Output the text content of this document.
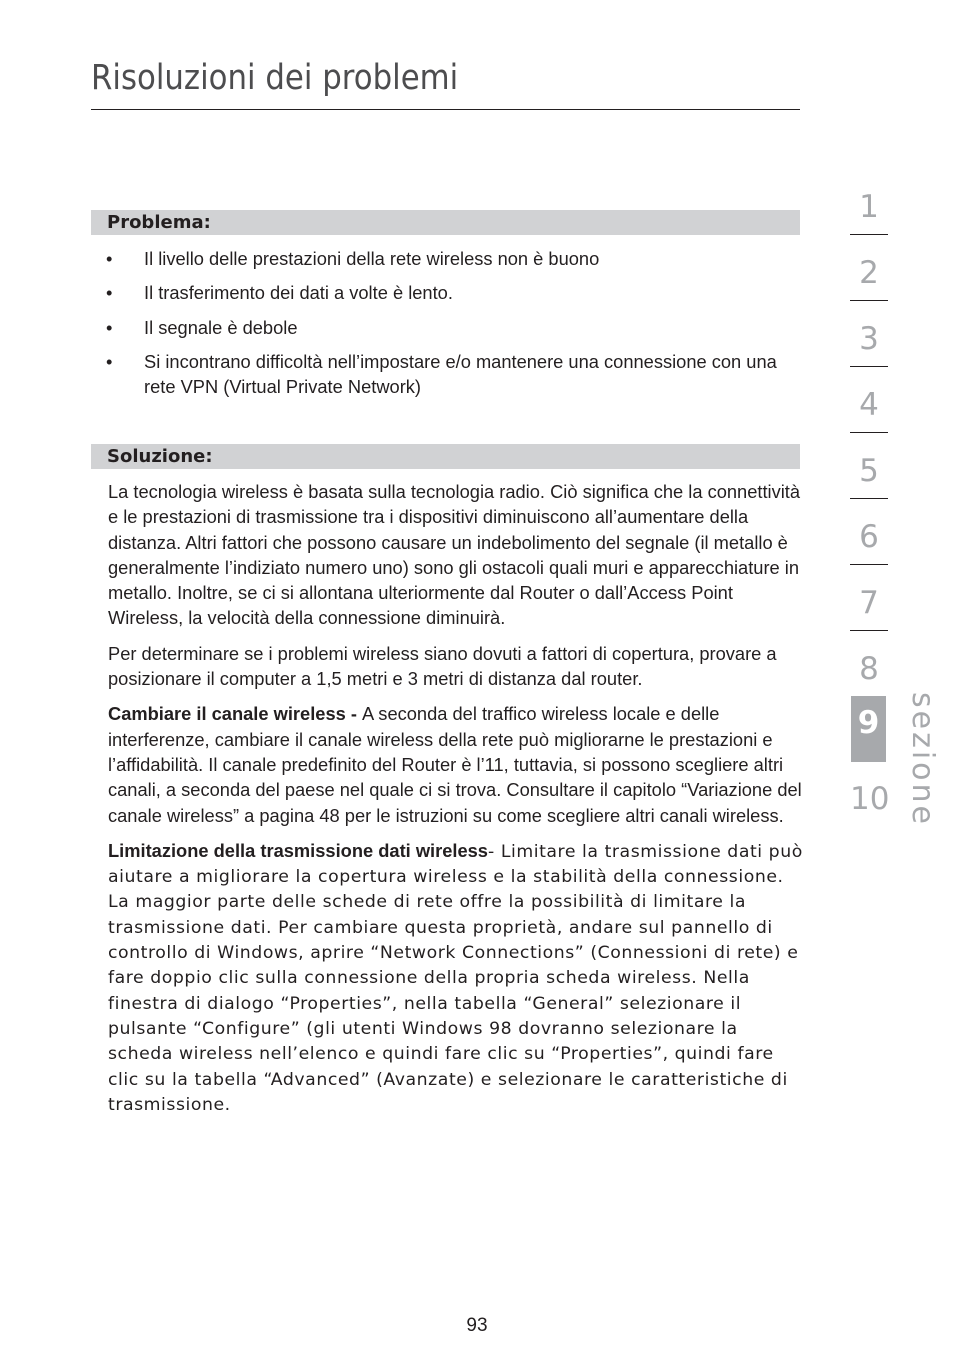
Risoluzioni dei problemi
Problema:
• Il livello delle prestazioni della rete wireless non è buono
• Il trasferimento dei dati a volte è lento.
• Il segnale è debole
• Si incontrano difficoltà nell’impostare e/o mantenere una connessione con una rete VPN (Virtual Private Network)
Soluzione:

La tecnologia wireless è basata sulla tecnologia radio. Ciò significa che la connettività e le prestazioni di trasmissione tra i dispositivi diminuiscono all’aumentare della distanza. Altri fattori che possono causare un indebolimento del segnale (il metallo è generalmente l’indiziato numero uno) sono gli ostacoli quali muri e apparecchiature in metallo. Inoltre, se ci si allontana ulteriormente dal Router o dall’Access Point Wireless, la velocità della connessione diminuirà.

Per determinare se i problemi wireless siano dovuti a fattori di copertura, provare a posizionare il computer a 1,5 metri e 3 metri di distanza dal router.

Cambiare il canale wireless - A seconda del traffico wireless locale e delle interferenze, cambiare il canale wireless della rete può migliorarne le prestazioni e l’affidabilità. Il canale predefinito del Router è l’11, tuttavia, si possono scegliere altri canali, a seconda del paese nel quale ci si trova. Consultare il capitolo “Variazione del canale wireless” a pagina 48 per le istruzioni su come scegliere altri canali wireless.

Limitazione della trasmissione dati wireless- Limitare la trasmissione dati può aiutare a migliorare la copertura wireless e la stabilità della connessione. La maggior parte delle schede di rete offre la possibilità di limitare la trasmissione dati. Per cambiare questa proprietà, andare sul pannello di controllo di Windows, aprire “Network Connections” (Connessioni di rete) e fare doppio clic sulla connessione della propria scheda wireless. Nella finestra di dialogo “Properties”, nella tabella “General” selezionare il pulsante “Configure” (gli utenti Windows 98 dovranno selezionare la scheda wireless nell’elenco e quindi fare clic su “Properties”, quindi fare clic su la tabella “Advanced” (Avanzate) e selezionare le caratteristiche di trasmissione.

1
2
3
4
5
6
7
8
9
10 sezione
93
